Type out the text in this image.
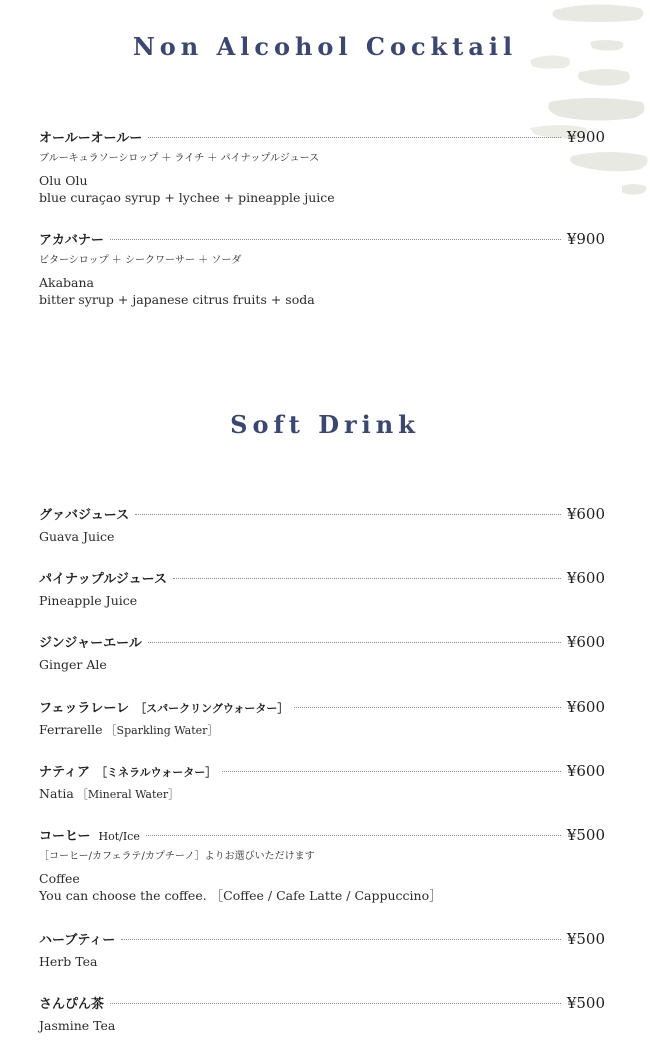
Non Alcohol Cocktail
オールーオールー	¥900
ブルーキュラソーシロップ ＋ ライチ ＋ パイナップルジュース
Olu Olu
blue curaçao syrup + lychee + pineapple juice
アカバナー	¥900
ビターシロップ ＋ シークワーサー ＋ ソーダ
Akabana
bitter syrup + japanese citrus fruits + soda
Soft Drink
グァバジュース	¥600
Guava Juice
パイナップルジュース	¥600
Pineapple Juice
ジンジャーエール	¥600
Ginger Ale
フェッラレーレ ［スパークリングウォーター］	¥600
Ferrarelle ［Sparkling Water］
ナティア ［ミネラルウォーター］	¥600
Natia ［Mineral Water］
コーヒー Hot/Ice	¥500
［コーヒー/カフェラテ/カプチーノ］よりお選びいただけます
Coffee
You can choose the coffee. ［Coffee / Cafe Latte / Cappuccino］
ハーブティー	¥500
Herb Tea
さんぴん茶	¥500
Jasmine Tea
